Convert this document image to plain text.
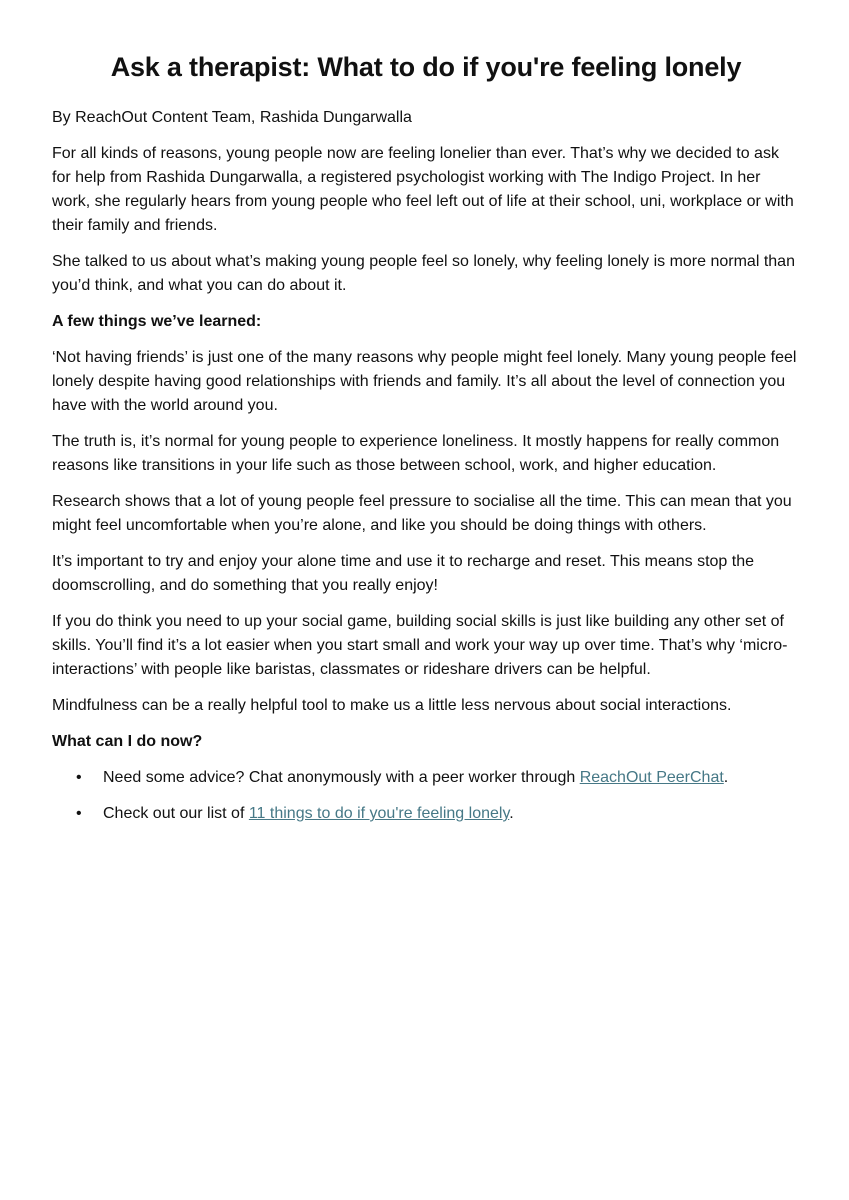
Ask a therapist: What to do if you're feeling lonely

By ReachOut Content Team, Rashida Dungarwalla

For all kinds of reasons, young people now are feeling lonelier than ever. That’s why we decided to ask for help from Rashida Dungarwalla, a registered psychologist working with The Indigo Project. In her work, she regularly hears from young people who feel left out of life at their school, uni, workplace or with their family and friends.

She talked to us about what’s making young people feel so lonely, why feeling lonely is more normal than you’d think, and what you can do about it.

A few things we’ve learned:

‘Not having friends’ is just one of the many reasons why people might feel lonely. Many young people feel lonely despite having good relationships with friends and family. It’s all about the level of connection you have with the world around you.

The truth is, it’s normal for young people to experience loneliness. It mostly happens for really common reasons like transitions in your life such as those between school, work, and higher education.

Research shows that a lot of young people feel pressure to socialise all the time. This can mean that you might feel uncomfortable when you’re alone, and like you should be doing things with others.

It’s important to try and enjoy your alone time and use it to recharge and reset. This means stop the doomscrolling, and do something that you really enjoy!

If you do think you need to up your social game, building social skills is just like building any other set of skills. You’ll find it’s a lot easier when you start small and work your way up over time. That’s why ‘micro-interactions’ with people like baristas, classmates or rideshare drivers can be helpful.

Mindfulness can be a really helpful tool to make us a little less nervous about social interactions.

What can I do now?

• Need some advice? Chat anonymously with a peer worker through ReachOut PeerChat.
• Check out our list of 11 things to do if you're feeling lonely.
